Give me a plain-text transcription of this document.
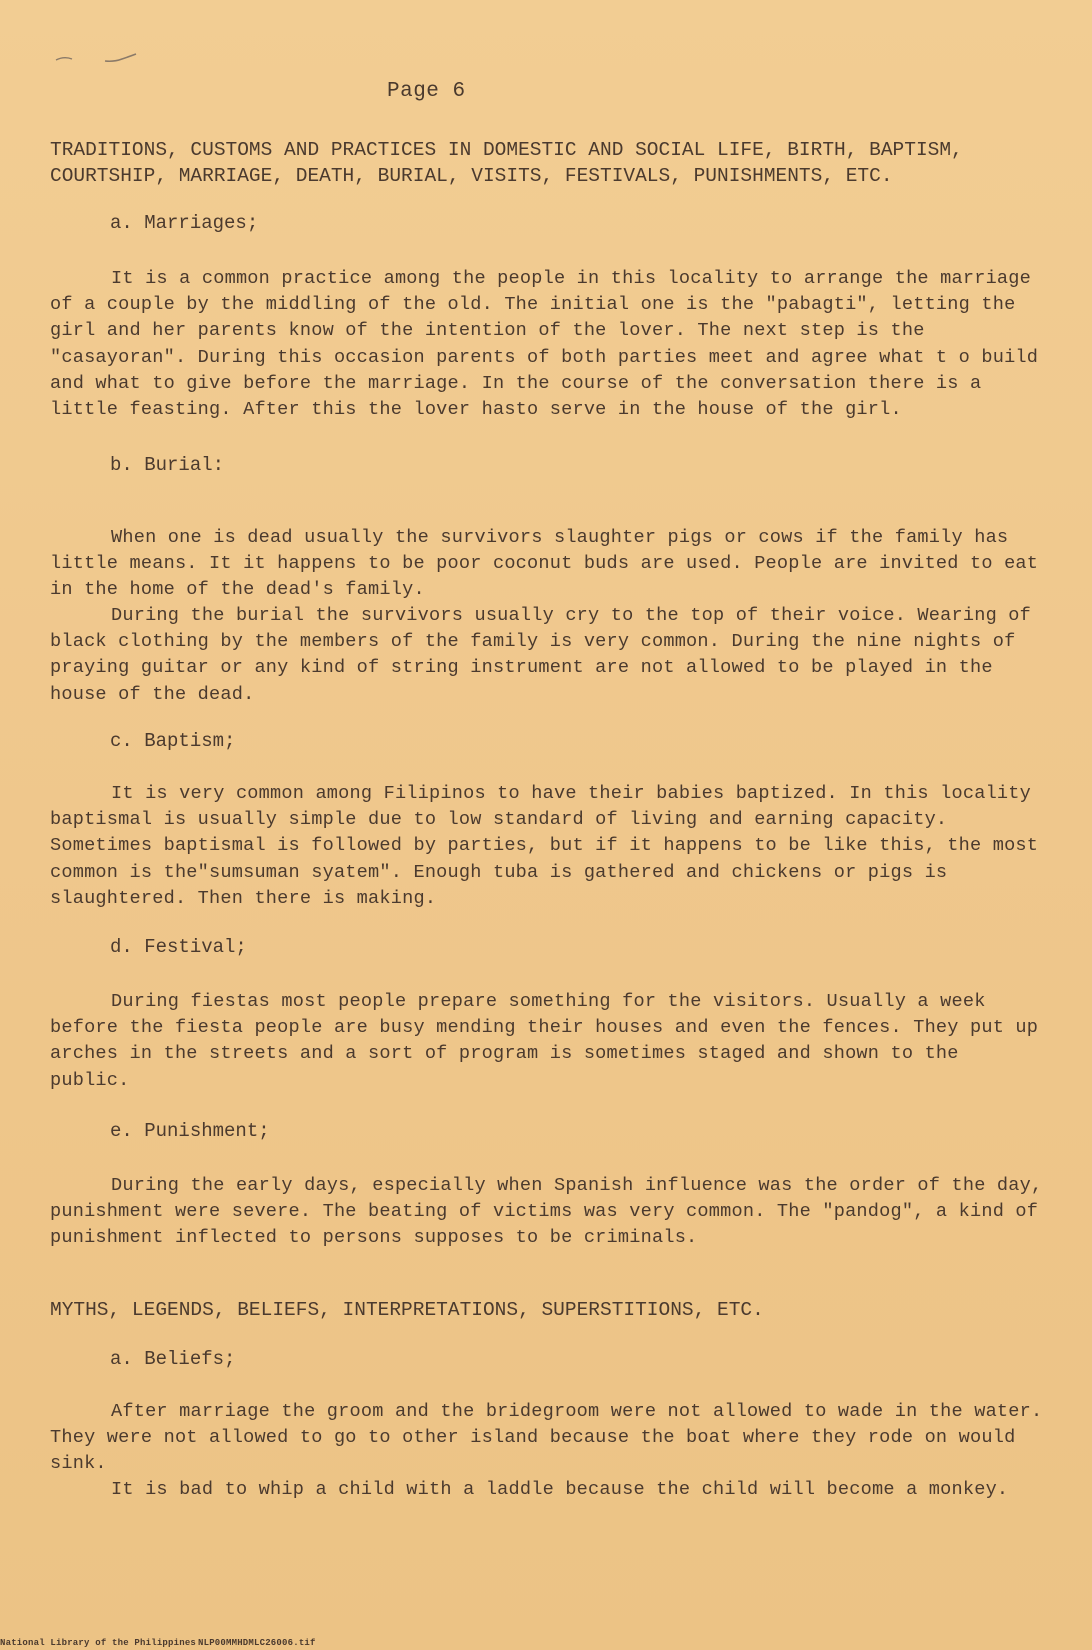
Page 6
TRADITIONS, CUSTOMS AND PRACTICES IN DOMESTIC AND SOCIAL LIFE, BIRTH, BAPTISM,
COURTSHIP, MARRIAGE, DEATH, BURIAL, VISITS, FESTIVALS, PUNISHMENTS, ETC.
a. Marriages;

It is a common practice among the people in this locality to arrange the marriage of a couple by the middling of the old. The initial one is the "pabagti", letting the girl and her parents know of the intention of the lover. The next step is the "casayoran". During this occasion parents of both parties meet and agree what t o build and what to give before the marriage. In the course of the conversation there is a little feasting. After this the lover hasto serve in the house of the girl.

b. Burial:

When one is dead usually the survivors slaughter pigs or cows if the family has little means. It it happens to be poor coconut buds are used. People are invited to eat in the home of the dead's family.

During the burial the survivors usually cry to the top of their voice. Wearing of black clothing by the members of the family is very common. During the nine nights of praying guitar or any kind of string instrument are not allowed to be played in the house of the dead.

c. Baptism;

It is very common among Filipinos to have their babies baptized. In this locality baptismal is usually simple due to low standard of living and earning capacity. Sometimes baptismal is followed by parties, but if it happens to be like this, the most common is the"sumsuman syatem". Enough tuba is gathered and chickens or pigs is slaughtered. Then there is making.

d. Festival;

During fiestas most people prepare something for the visitors. Usually a week before the fiesta people are busy mending their houses and even the fences. They put up arches in the streets and a sort of program is sometimes staged and shown to the public.

e. Punishment;

During the early days, especially when Spanish influence was the order of the day, punishment were severe. The beating of victims was very common. The "pandog", a kind of punishment inflected to persons supposes to be criminals.

MYTHS, LEGENDS, BELIEFS, INTERPRETATIONS, SUPERSTITIONS, ETC.
a. Beliefs;

After marriage the groom and the bridegroom were not allowed to wade in the water. They were not allowed to go to other island because the boat where they rode on would sink.

It is bad to whip a child with a laddle because the child will become a monkey.

National Library of the Philippines NLP00MMHDMLC26006.tif
